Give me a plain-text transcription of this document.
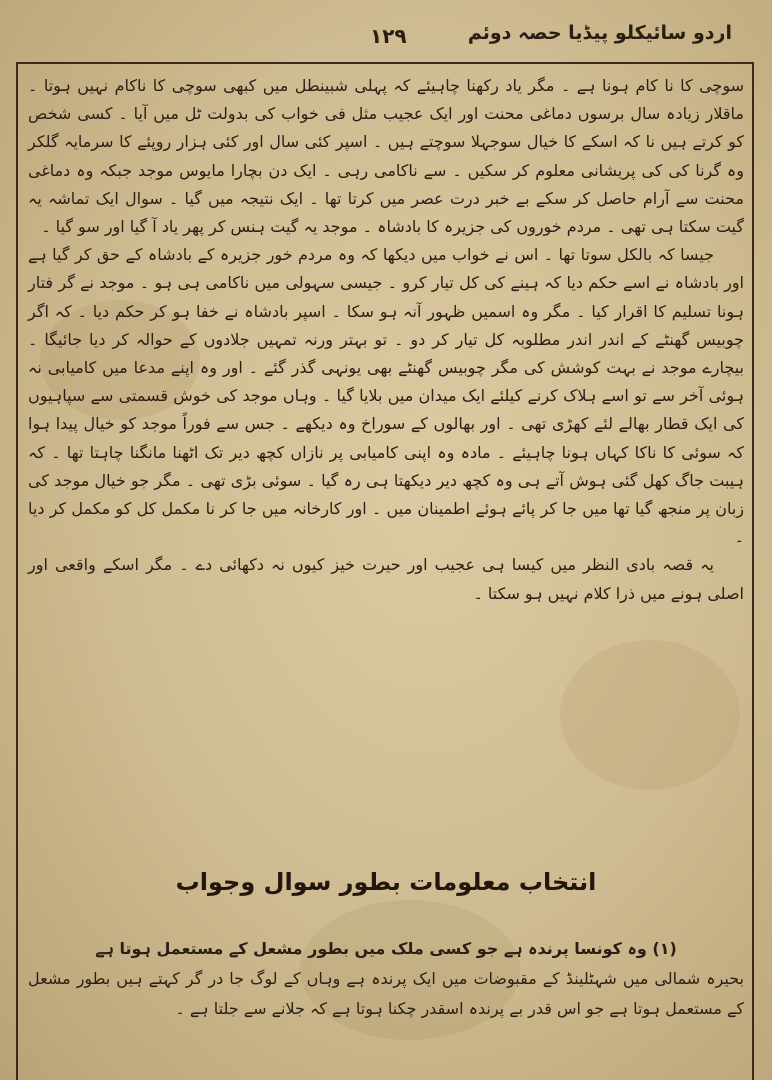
اردو سائیکلو پیڈیا حصہ دوئم
۱۲۹

سوچی کا نا کام ہونا ہے ۔ مگر یاد رکھنا چاہیئے کہ پہلی شبینطل میں کبھی سوچی کا ناکام نہیں ہوتا ۔ ماقلار زیادہ سال برسوں دماغی محنت اور ایک عجیب مثل فی خواب کی بدولت ٹل میں آیا ۔ کسی شخص کو کرتے ہیں نا کہ اسکے کا خیال سوجہلا سوچتے ہیں ۔ اسپر کئی سال اور کئی ہزار روپئے کا سرمایہ گلکر وہ گرنا کی کی پریشانی معلوم کر سکیں ۔ سے ناکامی رہی ۔ ایک دن بچارا مایوس موجد جبکہ وہ دماغی محنت سے آرام حاصل کر سکے بے خبر درت عصر میں کرتا تھا ۔ ایک نتیجہ میں گیا ۔ سوال ایک تماشہ یہ گیت سکتا ہی تھی ۔ مردم خوروں کی جزیرہ کا بادشاہ ۔ موجد یہ گیت ہنس کر پھر یاد آ گیا اور سو گیا ۔

جیسا کہ بالکل سوتا تھا ۔ اس نے خواب میں دیکھا کہ وہ مردم خور جزیرہ کے بادشاہ کے حق کر گیا ہے اور بادشاہ نے اسے حکم دیا کہ ہینے کی کل تیار کرو ۔ جیسی سہولی میں ناکامی ہی ہو ۔ موجد نے گر فتار ہونا تسلیم کا اقرار کیا ۔ مگر وہ اسمیں ظہور آنہ ہو سکا ۔ اسپر بادشاہ نے خفا ہو کر حکم دیا ۔ کہ اگر چوبیس گھنٹے کے اندر اندر مطلوبہ کل تیار کر دو ۔ تو بہتر ورنہ تمہیں جلادوں کے حوالہ کر دیا جائیگا ۔ بیچارے موجد نے بہت کوشش کی مگر چوبیس گھنٹے بھی یونہی گذر گئے ۔ اور وہ اپنے مدعا میں کامیابی نہ ہوئی آخر سے تو اسے ہلاک کرنے کیلئے ایک میدان میں بلایا گیا ۔ وہاں موجد کی خوش قسمتی سے سپاہیوں کی ایک قطار بھالے لئے کھڑی تھی ۔ اور بھالوں کے سوراخ وہ دیکھے ۔ جس سے فوراً موجد کو خیال پیدا ہوا کہ سوئی کا ناکا کہاں ہونا چاہیئے ۔ مادہ وہ اپنی کامیابی پر نازاں کچھ دیر تک اٹھنا مانگنا چاہتا تھا ۔ کہ ہیبت جاگ کھل گئی ہوش آتے ہی وہ کچھ دیر دیکھتا ہی رہ گیا ۔ سوئی بڑی تھی ۔ مگر جو خیال موجد کی زبان پر منجھ گیا تھا میں جا کر پائے ہوئے اطمینان میں ۔ اور کارخانہ میں جا کر نا مکمل کل کو مکمل کر دیا ۔

یہ قصہ بادی النظر میں کیسا ہی عجیب اور حیرت خیز کیوں نہ دکھائی دے ۔ مگر اسکے واقعی اور اصلی ہونے میں ذرا کلام نہیں ہو سکتا ۔

انتخاب معلومات بطور سوال وجواب

(۱) وہ کونسا پرندہ ہے جو کسی ملک میں بطور مشعل کے مستعمل ہوتا ہے

بحیرہ شمالی میں شہٹلینڈ کے مقبوضات میں ایک پرندہ ہے وہاں کے لوگ جا در گر کہتے ہیں بطور مشعل کے مستعمل ہوتا ہے جو اس قدر بے پرندہ اسقدر چکنا ہوتا ہے کہ جلانے سے جلتا ہے ۔
